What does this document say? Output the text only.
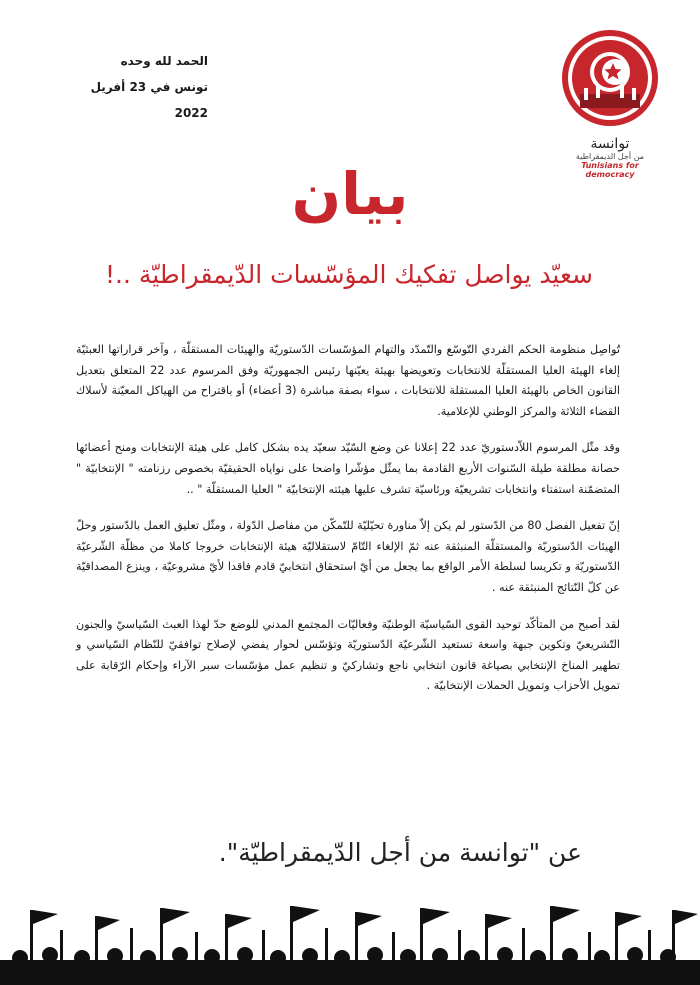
الحمد لله وحده
تونس في 23 أفريل 2022
توانسة
من أجل الديمقراطية
Tunisians for democracy
بيان
سعيّد يواصل تفكيك المؤسّسات الدّيمقراطيّة ..!

تُواصِل منظومة الحكم الفردي التّوسّع والتّمدّد والتهام المؤسّسات الدّستوريّة والهيئات المستقلّة ، وآخر قراراتها العبثيّة إلغاء الهيئة العليا المستقلّة للانتخابات وتعويضها بهيئة يعيّنها رئيس الجمهوريّة وفق المرسوم عدد 22 المتعلق بتعديل القانون الخاص بالهيئة العليا المستقلة للانتخابات ، سواء بصفة مباشرة (3 أعضاء) أو باقتراح من الهياكل المعيّنة لأسلاك القضاء الثلاثة والمركز الوطني للإعلامية.

وقد مثّل المرسوم اللاّدستوريّ عدد 22 إعلانا عن وضع السّيّد سعيّد يده بشكل كامل على هيئة الإنتخابات ومنح أعضائها حصانة مطلقة طيلة السّنوات الأربع القادمة بما يمثّل مؤشّرا واضحا على نواياه الحقيقيّة بخصوص رزنامته " الإنتخابيّة " المتضمّنة استفتاء وانتخابات تشريعيّة ورئاسيّة تشرف عليها هيئته الإنتخابيّة " العليا المستقلّة " ..

إنّ تفعيل الفصل 80 من الدّستور لم يكن إلاّ مناورة تحيّليّة للتّمكّن من مفاصل الدّولة ، ومثّل تعليق العمل بالدّستور وحلّ الهيئات الدّستوريّة والمستقلّة المنبثقة عنه ثمّ الإلغاء التّامّ لاستقلاليّة هيئة الإنتخابات خروجا كاملا من مظلّة الشّرعيّة الدّستوريّة و تكريسا لسلطة الأمر الواقع بما يجعل من أيّ استحقاق انتخابيّ قادم فاقدا لأيّ مشروعيّة ، وينزع المصداقيّة عن كلّ النّتائج المنبثقة عنه .

لقد أصبح من المتأكّد توحيد القوى السّياسيّة الوطنيّة وفعاليّات المجتمع المدني للوضع حدّ لهذا العبث السّياسيّ والجنون التّشريعيّ وتكوين جبهة واسعة تستعيد الشّرعيّة الدّستوريّة وتؤسّس لحوار يفضي لإصلاح توافقيّ للنّظام السّياسي و تطهير المناخ الإنتخابي بصياغة قانون انتخابي ناجع وتشاركيّ و تنظيم عمل مؤسّسات سبر الآراء وإحكام الرّقابة على تمويل الأحزاب وتمويل الحملات الإنتخابيّة .

عن "توانسة من أجل الدّيمقراطيّة".
